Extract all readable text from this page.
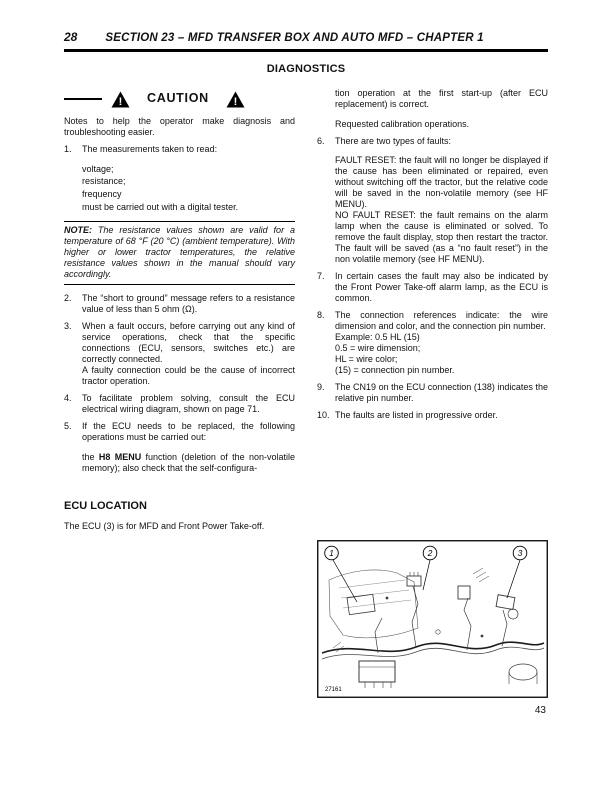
28 SECTION 23 – MFD TRANSFER BOX AND AUTO MFD – CHAPTER 1
DIAGNOSTICS
! CAUTION !
Notes to help the operator make diagnosis and troubleshooting easier.
1.	The measurements taken to read:
voltage;
resistance;
frequency
must be carried out with a digital tester.
NOTE: The resistance values shown are valid for a temperature of 68 °F (20 °C) (ambient temperature). With higher or lower tractor temperatures, the relative resistance values shown in the manual should vary accordingly.
2.	The “short to ground” message refers to a resistance value of less than 5 ohm (Ω).
3.	When a fault occurs, before carrying out any kind of service operations, check that the specific connections (ECU, sensors, switches etc.) are correctly connected.
A faulty connection could be the cause of incorrect tractor operation.
4.	To facilitate problem solving, consult the ECU electrical wiring diagram, shown on page 71.
5.	If the ECU needs to be replaced, the following operations must be carried out:
the H8 MENU function (deletion of the non-volatile memory); also check that the self-configura-
tion operation at the first start-up (after ECU replacement) is correct.
Requested calibration operations.
6.	There are two types of faults:
FAULT RESET: the fault will no longer be displayed if the cause has been eliminated or repaired, even without switching off the tractor, but the relative code will be saved in the non-volatile memory (see HF MENU).
NO FAULT RESET: the fault remains on the alarm lamp when the cause is eliminated or solved. To remove the fault display, stop then restart the tractor. The fault will be saved (as a “no fault reset”) in the non volatile memory (see HF MENU).
7.	In certain cases the fault may also be indicated by the Front Power Take-off alarm lamp, as the ECU is common.
8.	The connection references indicate: the wire dimension and color, and the connection pin number.
Example: 0.5 HL (15)
0.5 = wire dimension;
HL = wire color;
(15) = connection pin number.
9.	The CN19 on the ECU connection (138) indicates the relative pin number.
10. The faults are listed in progressive order.
ECU LOCATION
The ECU (3) is for MFD and Front Power Take-off.
1	2	3
27161
43
